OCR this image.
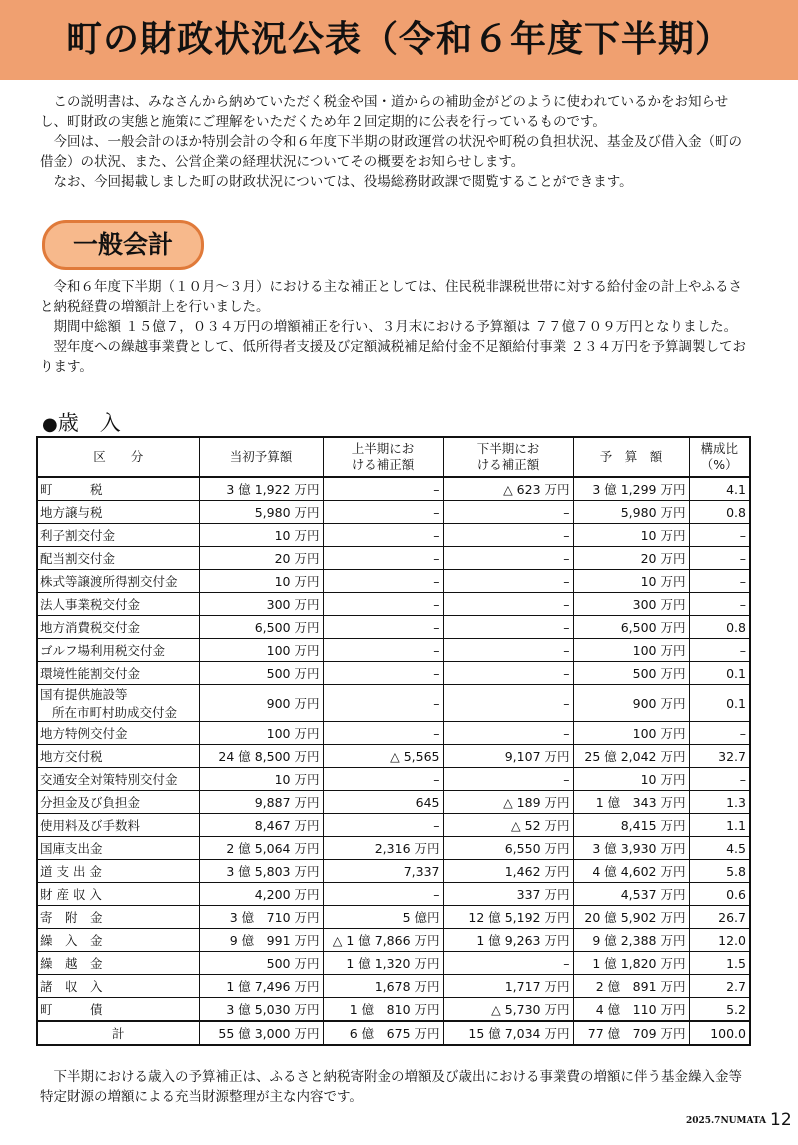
町の財政状況公表（令和６年度下半期）

この説明書は、みなさんから納めていただく税金や国・道からの補助金がどのように使われているかをお知らせし、町財政の実態と施策にご理解をいただくため年２回定期的に公表を行っているものです。

今回は、一般会計のほか特別会計の令和６年度下半期の財政運営の状況や町税の負担状況、基金及び借入金（町の借金）の状況、また、公営企業の経理状況についてその概要をお知らせします。

なお、今回掲載しました町の財政状況については、役場総務財政課で閲覧することができます。

一般会計

令和６年度下半期（１０月～３月）における主な補正としては、住民税非課税世帯に対する給付金の計上やふるさと納税経費の増額計上を行いました。

期間中総額 １５億７，０３４万円の増額補正を行い、３月末における予算額は ７７億７０９万円となりました。

翌年度への繰越事業費として、低所得者支援及び定額減税補足給付金不足額給付事業 ２３４万円を予算調製しております。

●歳　入
区　　分	当初予算額	上半期にお
ける補正額	下半期にお
ける補正額	予　算　額	構成比
（%）
町　　　税	3 億 1,922 万円	–	△ 623 万円	3 億 1,299 万円	4.1
地方譲与税	5,980 万円	–	–	5,980 万円	0.8
利子割交付金	10 万円	–	–	10 万円	–
配当割交付金	20 万円	–	–	20 万円	–
株式等譲渡所得割交付金	10 万円	–	–	10 万円	–
法人事業税交付金	300 万円	–	–	300 万円	–
地方消費税交付金	6,500 万円	–	–	6,500 万円	0.8
ゴルフ場利用税交付金	100 万円	–	–	100 万円	–
環境性能割交付金	500 万円	–	–	500 万円	0.1

国有提供施設等
所在市町村助成交付金	900 万円	–	–	900 万円	0.1
地方特例交付金	100 万円	–	–	100 万円	–
地方交付税	24 億 8,500 万円	△ 5,565	9,107 万円	25 億 2,042 万円	32.7
交通安全対策特別交付金	10 万円	–	–	10 万円	–
分担金及び負担金	9,887 万円	645	△ 189 万円	1 億　343 万円	1.3
使用料及び手数料	8,467 万円	–	△ 52 万円	8,415 万円	1.1
国庫支出金	2 億 5,064 万円	2,316 万円	6,550 万円	3 億 3,930 万円	4.5
道 支 出 金	3 億 5,803 万円	7,337	1,462 万円	4 億 4,602 万円	5.8
財 産 収 入	4,200 万円	–	337 万円	4,537 万円	0.6
寄　附　金	3 億　710 万円	5 億円	12 億 5,192 万円	20 億 5,902 万円	26.7
繰　入　金	9 億　991 万円	△ 1 億 7,866 万円	1 億 9,263 万円	9 億 2,388 万円	12.0
繰　越　金	500 万円	1 億 1,320 万円	–	1 億 1,820 万円	1.5
諸　収　入	1 億 7,496 万円	1,678 万円	1,717 万円	2 億　891 万円	2.7
町　　　債	3 億 5,030 万円	1 億　810 万円	△ 5,730 万円	4 億　110 万円	5.2
計	55 億 3,000 万円	6 億　675 万円	15 億 7,034 万円	77 億　709 万円	100.0

下半期における歳入の予算補正は、ふるさと納税寄附金の増額及び歳出における事業費の増額に伴う基金繰入金等特定財源の増額による充当財源整理が主な内容です。

2025.7NUMATA 12
